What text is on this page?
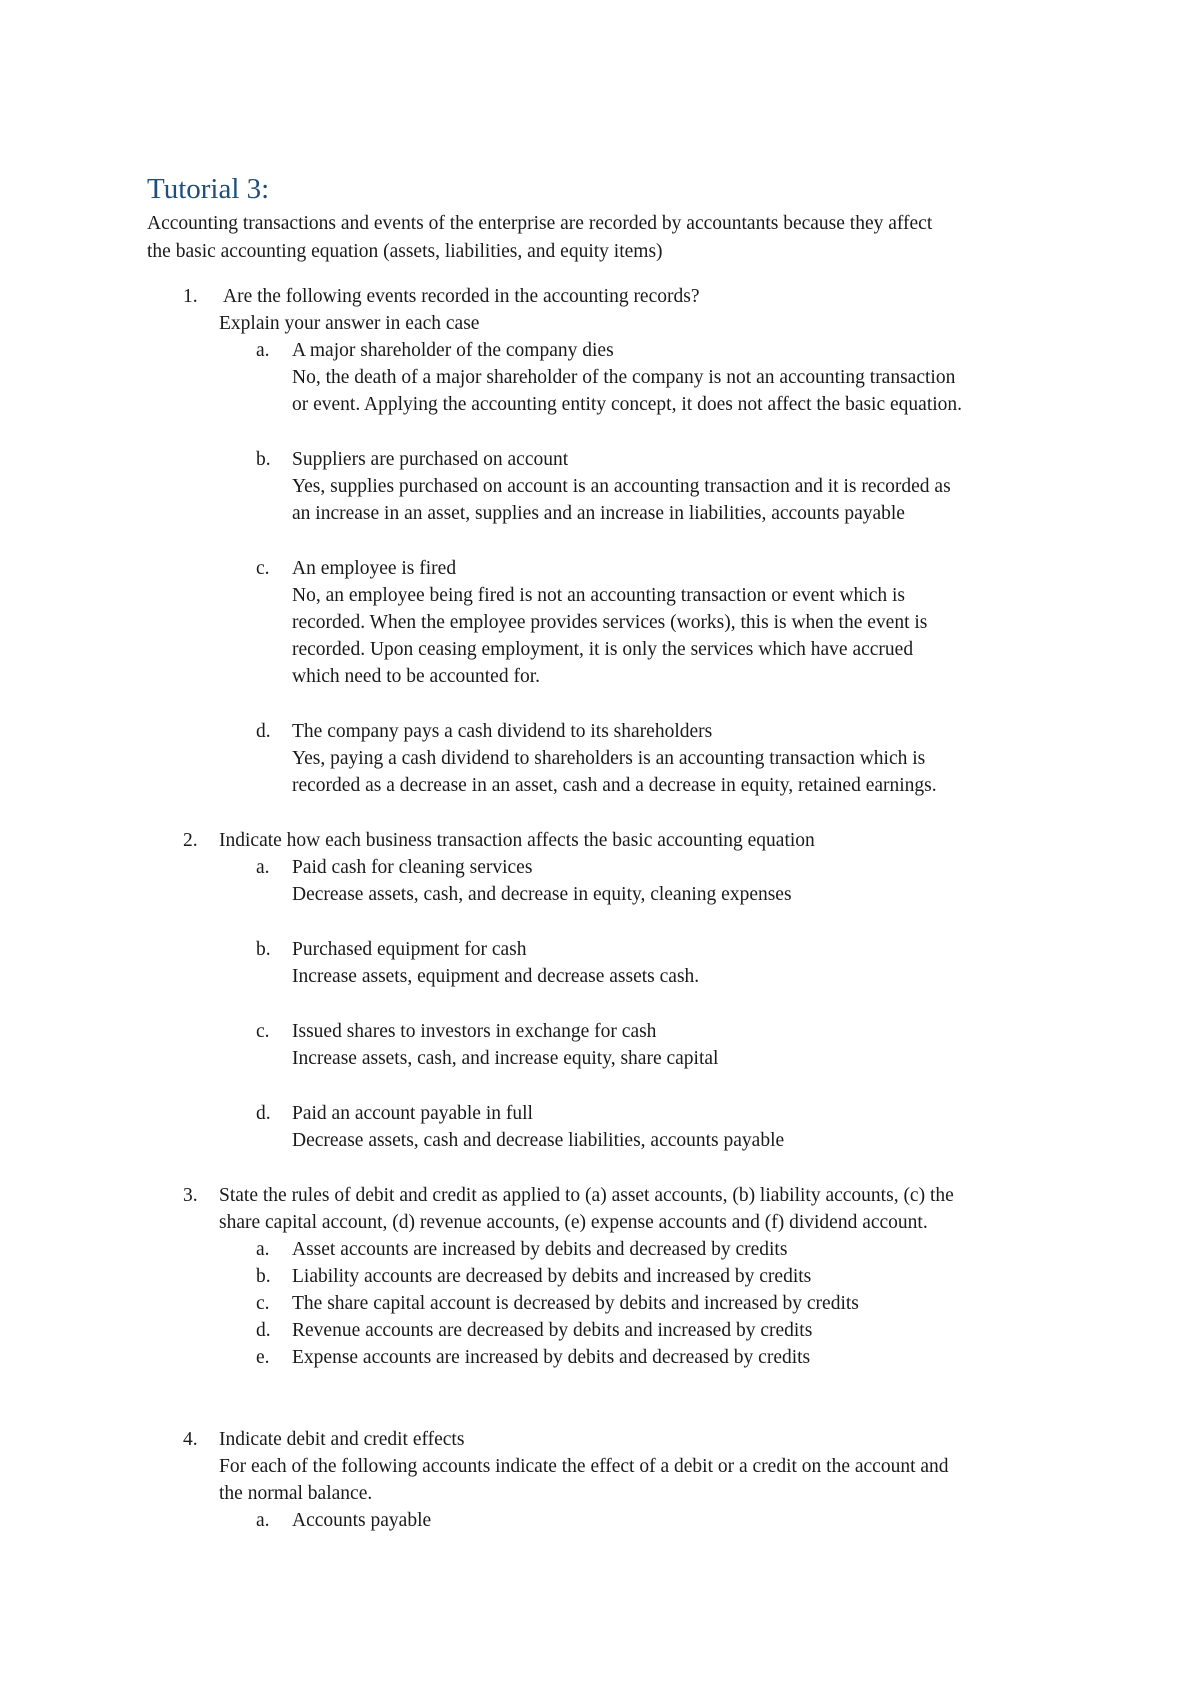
Tutorial 3:
Accounting transactions and events of the enterprise are recorded by accountants because they affect
the basic accounting equation (assets, liabilities, and equity items)
1.	Are the following events recorded in the accounting records?
Explain your answer in each case
a.	A major shareholder of the company dies
No, the death of a major shareholder of the company is not an accounting transaction
or event. Applying the accounting entity concept, it does not affect the basic equation.
b.	Suppliers are purchased on account
Yes, supplies purchased on account is an accounting transaction and it is recorded as
an increase in an asset, supplies and an increase in liabilities, accounts payable
c.	An employee is fired
No, an employee being fired is not an accounting transaction or event which is
recorded. When the employee provides services (works), this is when the event is
recorded. Upon ceasing employment, it is only the services which have accrued
which need to be accounted for.
d.	The company pays a cash dividend to its shareholders
Yes, paying a cash dividend to shareholders is an accounting transaction which is
recorded as a decrease in an asset, cash and a decrease in equity, retained earnings.
2.	Indicate how each business transaction affects the basic accounting equation
a.	Paid cash for cleaning services
Decrease assets, cash, and decrease in equity, cleaning expenses
b.	Purchased equipment for cash
Increase assets, equipment and decrease assets cash.
c.	Issued shares to investors in exchange for cash
Increase assets, cash, and increase equity, share capital
d.	Paid an account payable in full
Decrease assets, cash and decrease liabilities, accounts payable
3.	State the rules of debit and credit as applied to (a) asset accounts, (b) liability accounts, (c) the
share capital account, (d) revenue accounts, (e) expense accounts and (f) dividend account.
a.	Asset accounts are increased by debits and decreased by credits
b.	Liability accounts are decreased by debits and increased by credits
c.	The share capital account is decreased by debits and increased by credits
d.	Revenue accounts are decreased by debits and increased by credits
e.	Expense accounts are increased by debits and decreased by credits
4.	Indicate debit and credit effects
For each of the following accounts indicate the effect of a debit or a credit on the account and
the normal balance.
a.	Accounts payable
